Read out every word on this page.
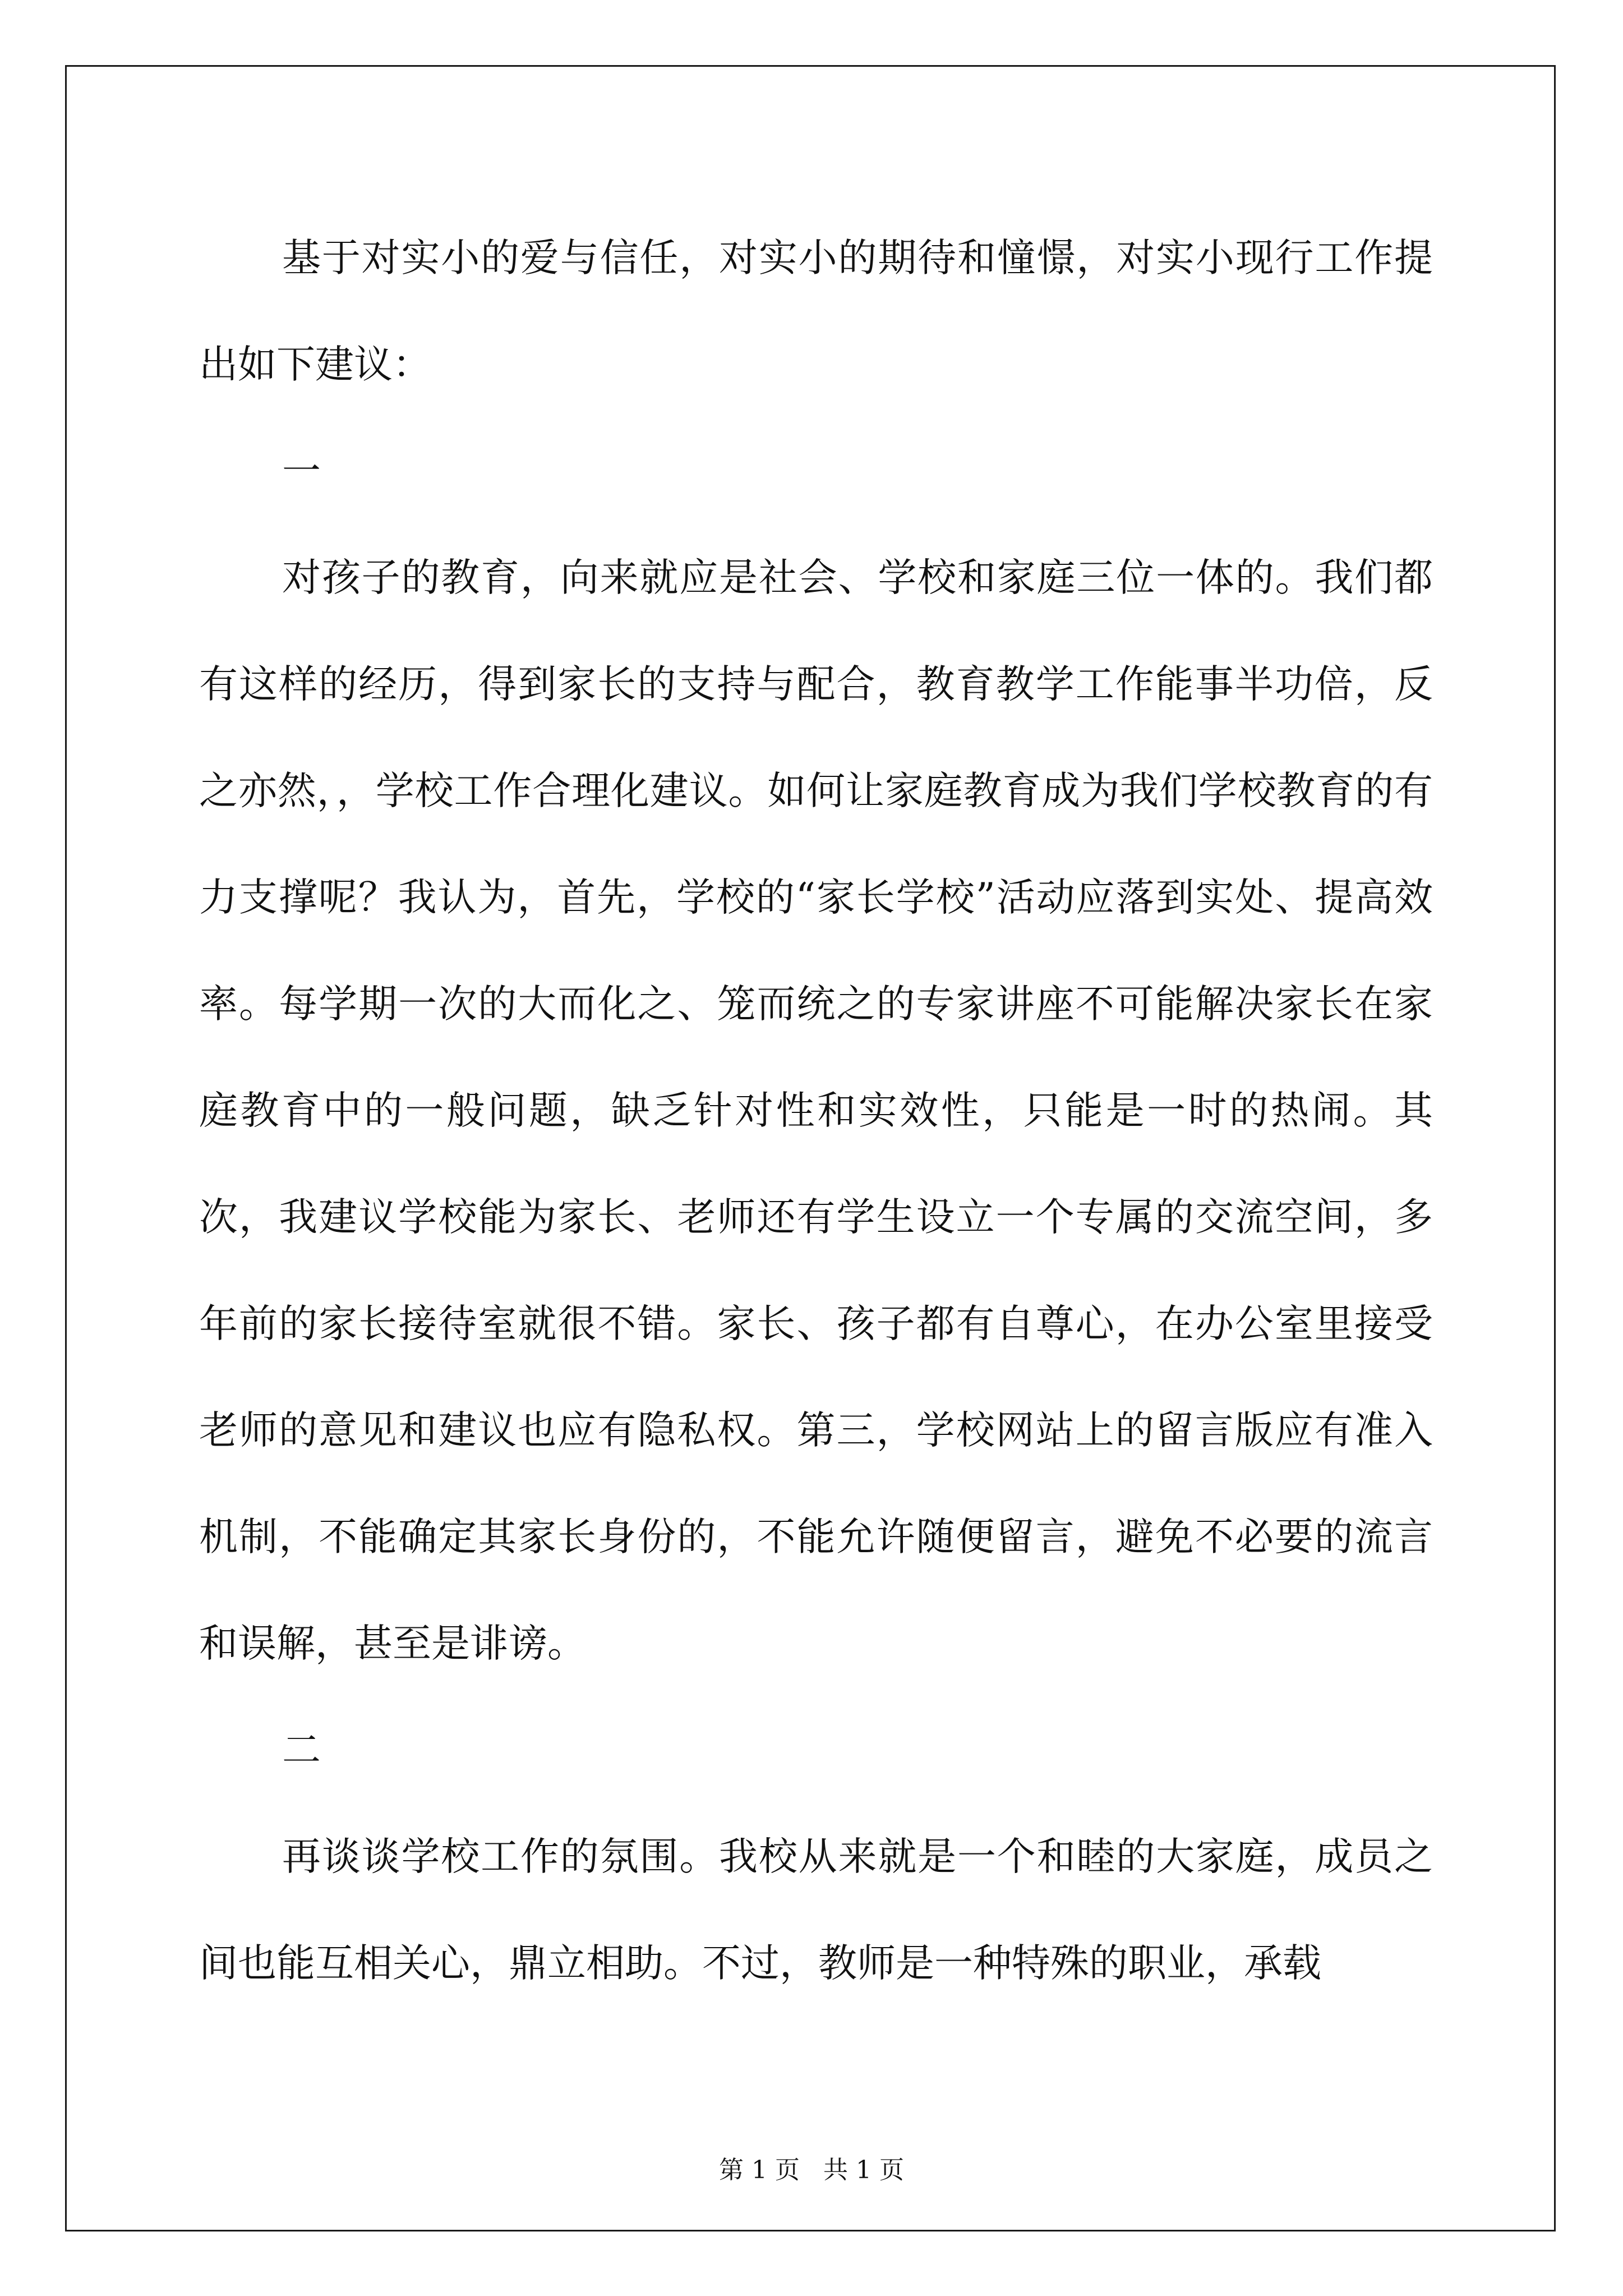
基于对实小的爱与信任，对实小的期待和憧憬，对实小现行工作提出如下建议：

一

对孩子的教育，向来就应是社会、学校和家庭三位一体的。我们都有这样的经历，得到家长的支持与配合，教育教学工作能事半功倍，反之亦然，，学校工作合理化建议。如何让家庭教育成为我们学校教育的有力支撑呢？我认为，首先，学校的“家长学校”活动应落到实处、提高效率。每学期一次的大而化之、笼而统之的专家讲座不可能解决家长在家庭教育中的一般问题，缺乏针对性和实效性，只能是一时的热闹。其次，我建议学校能为家长、老师还有学生设立一个专属的交流空间，多年前的家长接待室就很不错。家长、孩子都有自尊心，在办公室里接受老师的意见和建议也应有隐私权。第三，学校网站上的留言版应有准入机制，不能确定其家长身份的，不能允许随便留言，避免不必要的流言和误解，甚至是诽谤。

二

再谈谈学校工作的氛围。我校从来就是一个和睦的大家庭，成员之间也能互相关心，鼎立相助。不过，教师是一种特殊的职业，承载

第 1 页   共 1 页
